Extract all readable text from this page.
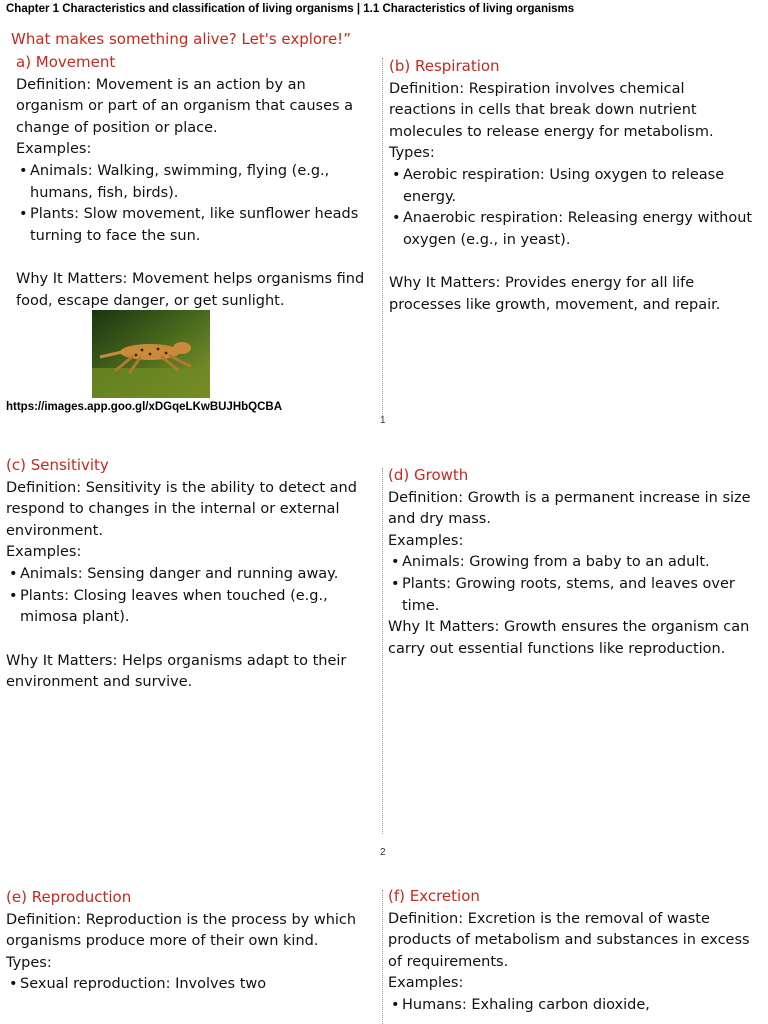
Chapter 1 Characteristics and classification of living organisms | 1.1 Characteristics of living organisms
What makes something alive? Let's explore!”
a) Movement

Definition: Movement is an action by an organism or part of an organism that causes a change of position or place.

Examples:

• Animals: Walking, swimming, flying (e.g., humans, fish, birds).
• Plants: Slow movement, like sunflower heads turning to face the sun.

Why It Matters: Movement helps organisms find food, escape danger, or get sunlight.

https://images.app.goo.gl/xDGqeLKwBUJHbQCBA
(b) Respiration

Definition: Respiration involves chemical reactions in cells that break down nutrient molecules to release energy for metabolism.

Types:

• Aerobic respiration: Using oxygen to release energy.
• Anaerobic respiration: Releasing energy without oxygen (e.g., in yeast).

Why It Matters: Provides energy for all life processes like growth, movement, and repair.

1
(c) Sensitivity

Definition: Sensitivity is the ability to detect and respond to changes in the internal or external environment.

Examples:

• Animals: Sensing danger and running away.
• Plants: Closing leaves when touched (e.g., mimosa plant).

Why It Matters: Helps organisms adapt to their environment and survive.

(d) Growth

Definition: Growth is a permanent increase in size and dry mass.

Examples:

• Animals: Growing from a baby to an adult.
• Plants: Growing roots, stems, and leaves over time.

Why It Matters: Growth ensures the organism can carry out essential functions like reproduction.

2
(e) Reproduction

Definition: Reproduction is the process by which organisms produce more of their own kind.

Types:

• Sexual reproduction: Involves two
(f) Excretion

Definition: Excretion is the removal of waste products of metabolism and substances in excess of requirements.

Examples:

• Humans: Exhaling carbon dioxide,
